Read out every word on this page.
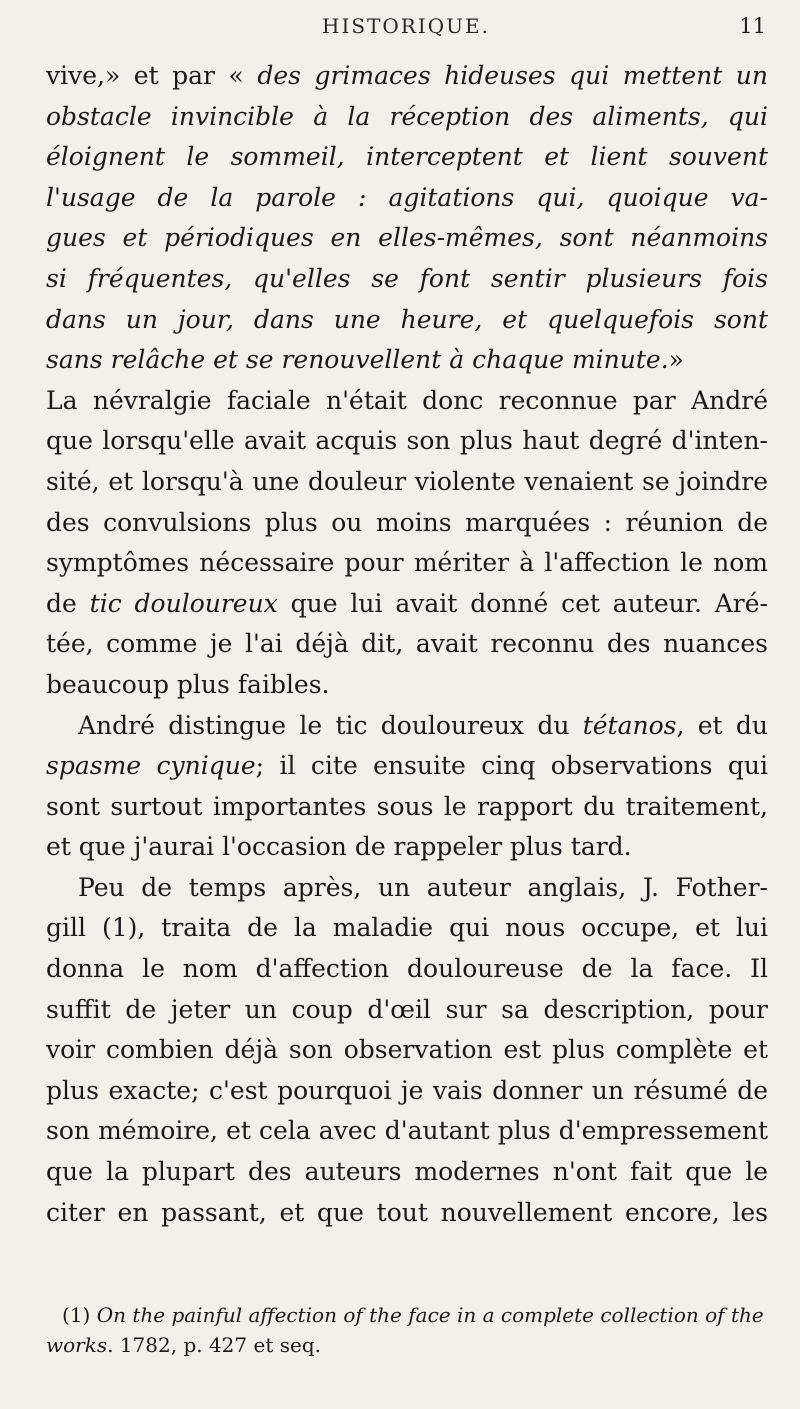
HISTORIQUE.	11
vive,» et par « des grimaces hideuses qui mettent un
obstacle invincible à la réception des aliments, qui
éloignent le sommeil, interceptent et lient souvent
l'usage de la parole : agitations qui, quoique va-
gues et périodiques en elles-mêmes, sont néanmoins
si fréquentes, qu'elles se font sentir plusieurs fois
dans un jour, dans une heure, et quelquefois sont
sans relâche et se renouvellent à chaque minute.»
La névralgie faciale n'était donc reconnue par André
que lorsqu'elle avait acquis son plus haut degré d'inten-
sité, et lorsqu'à une douleur violente venaient se joindre
des convulsions plus ou moins marquées : réunion de
symptômes nécessaire pour mériter à l'affection le nom
de tic douloureux que lui avait donné cet auteur. Aré-
tée, comme je l'ai déjà dit, avait reconnu des nuances
beaucoup plus faibles.
André distingue le tic douloureux du tétanos, et du
spasme cynique; il cite ensuite cinq observations qui
sont surtout importantes sous le rapport du traitement,
et que j'aurai l'occasion de rappeler plus tard.
Peu de temps après, un auteur anglais, J. Fother-
gill (1), traita de la maladie qui nous occupe, et lui
donna le nom d'affection douloureuse de la face. Il
suffit de jeter un coup d'œil sur sa description, pour
voir combien déjà son observation est plus complète et
plus exacte; c'est pourquoi je vais donner un résumé de
son mémoire, et cela avec d'autant plus d'empressement
que la plupart des auteurs modernes n'ont fait que le
citer en passant, et que tout nouvellement encore, les
(1) On the painful affection of the face in a complete collection of the
works. 1782, p. 427 et seq.
